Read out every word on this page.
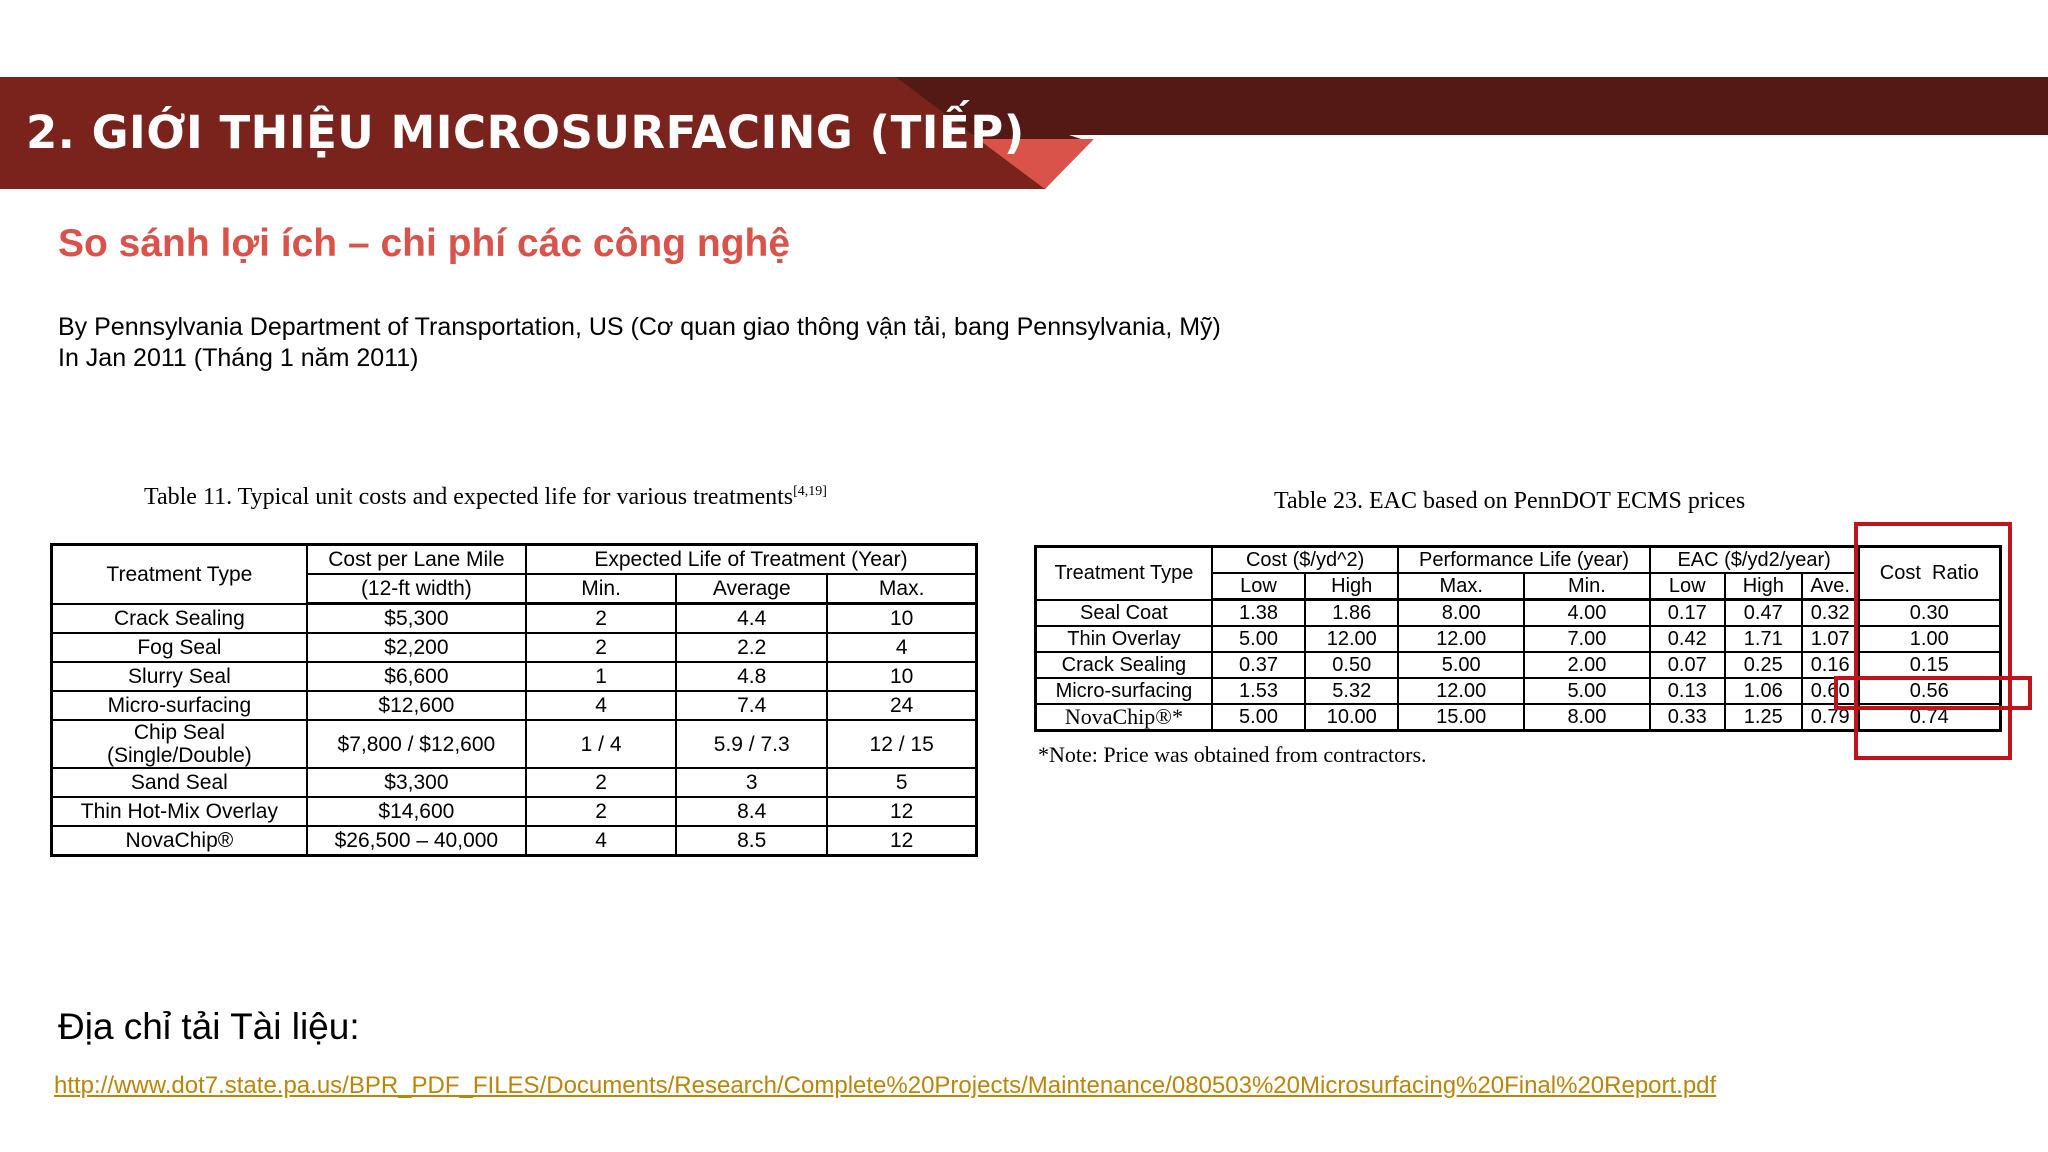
2. GIỚI THIỆU MICROSURFACING (TIẾP)
So sánh lợi ích – chi phí các công nghệ
By Pennsylvania Department of Transportation, US (Cơ quan giao thông vận tải, bang Pennsylvania, Mỹ)
In Jan 2011 (Tháng 1 năm 2011)
Table 11. Typical unit costs and expected life for various treatments[4,19]
Treatment Type	Cost per Lane Mile	Expected Life of Treatment (Year)		
	(12-ft width)	Min.	Average	Max.
Crack Sealing	$5,300	2	4.4	10
Fog Seal	$2,200	2	2.2	4
Slurry Seal	$6,600	1	4.8	10
Micro-surfacing	$12,600	4	7.4	24

Chip Seal
(Single/Double)	$7,800 / $12,600	1 / 4	5.9 / 7.3	12 / 15
Sand Seal	$3,300	2	3	5
Thin Hot-Mix Overlay	$14,600	2	8.4	12
NovaChip®	$26,500 – 40,000	4	8.5	12
Table 23. EAC based on PennDOT ECMS prices
Treatment Type	Cost ($/yd^2)		Performance Life (year)		EAC ($/yd2/year)			Cost  Ratio
	Low	High	Max.	Min.	Low	High	Ave.	
Seal Coat	1.38	1.86	8.00	4.00	0.17	0.47	0.32	0.30
Thin Overlay	5.00	12.00	12.00	7.00	0.42	1.71	1.07	1.00
Crack Sealing	0.37	0.50	5.00	2.00	0.07	0.25	0.16	0.15
Micro-surfacing	1.53	5.32	12.00	5.00	0.13	1.06	0.60	0.56
NovaChip®*	5.00	10.00	15.00	8.00	0.33	1.25	0.79	0.74
*Note: Price was obtained from contractors.
Địa chỉ tải Tài liệu:
http://www.dot7.state.pa.us/BPR_PDF_FILES/Documents/Research/Complete%20Projects/Maintenance/080503%20Microsurfacing%20Final%20Report.pdf
